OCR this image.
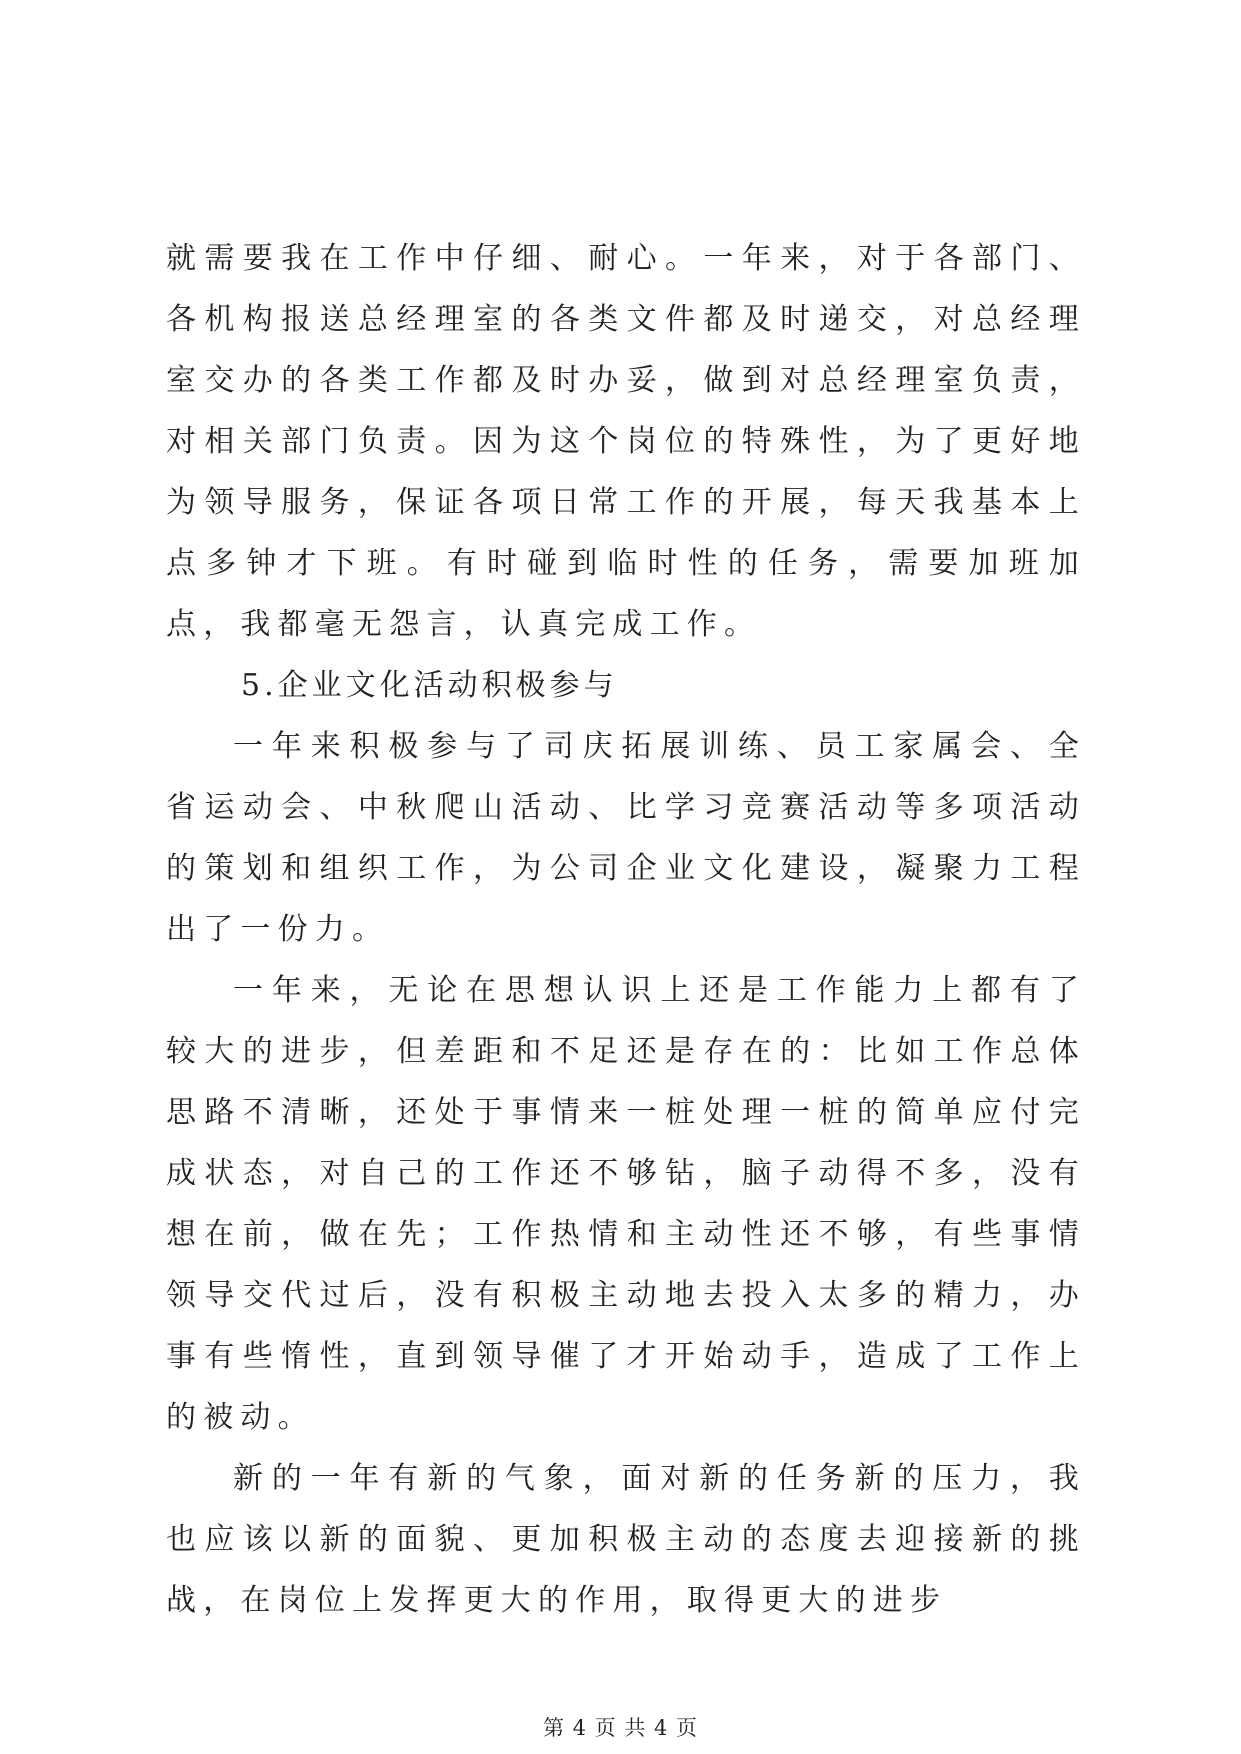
就需要我在工作中仔细、耐心。一年来，对于各部门、各机构报送总经理室的各类文件都及时递交，对总经理室交办的各类工作都及时办妥，做到对总经理室负责，对相关部门负责。因为这个岗位的特殊性，为了更好地为领导服务，保证各项日常工作的开展，每天我基本上点多钟才下班。有时碰到临时性的任务，需要加班加点，我都毫无怨言，认真完成工作。

5.企业文化活动积极参与

一年来积极参与了司庆拓展训练、员工家属会、全省运动会、中秋爬山活动、比学习竞赛活动等多项活动的策划和组织工作，为公司企业文化建设，凝聚力工程出了一份力。

一年来，无论在思想认识上还是工作能力上都有了较大的进步，但差距和不足还是存在的：比如工作总体思路不清晰，还处于事情来一桩处理一桩的简单应付完成状态，对自己的工作还不够钻，脑子动得不多，没有想在前，做在先；工作热情和主动性还不够，有些事情领导交代过后，没有积极主动地去投入太多的精力，办事有些惰性，直到领导催了才开始动手，造成了工作上的被动。

新的一年有新的气象，面对新的任务新的压力，我也应该以新的面貌、更加积极主动的态度去迎接新的挑战，在岗位上发挥更大的作用，取得更大的进步

第 4 页 共 4 页
